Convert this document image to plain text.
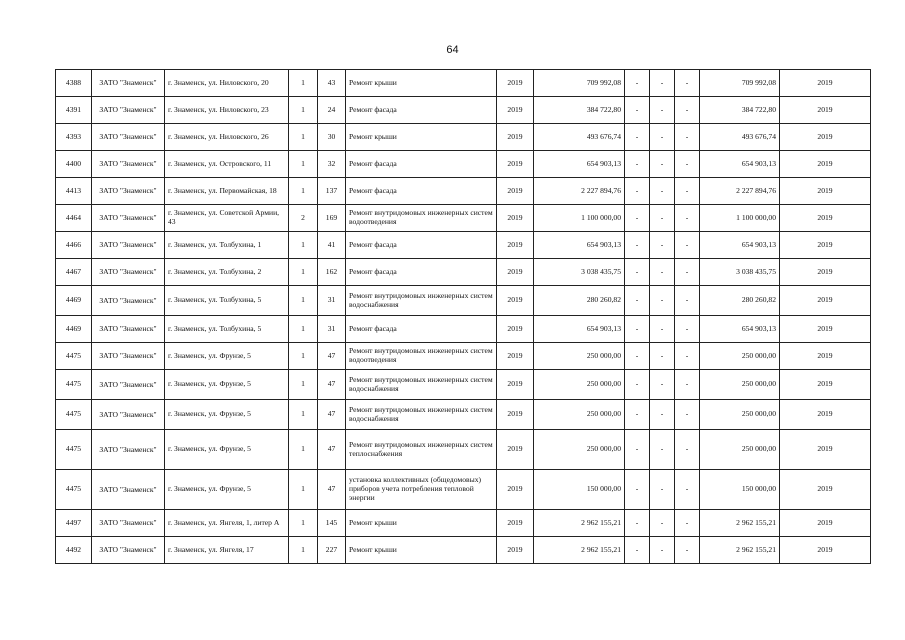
64
4388	ЗАТО "Знаменск"	г. Знаменск, ул. Ниловского, 20	1	43	Ремонт крыши	2019	709 992,08	-	-	-	709 992,08	2019
4391	ЗАТО "Знаменск"	г. Знаменск, ул. Ниловского, 23	1	24	Ремонт фасада	2019	384 722,80	-	-	-	384 722,80	2019
4393	ЗАТО "Знаменск"	г. Знаменск, ул. Ниловского, 26	1	30	Ремонт крыши	2019	493 676,74	-	-	-	493 676,74	2019
4400	ЗАТО "Знаменск"	г. Знаменск, ул. Островского, 11	1	32	Ремонт фасада	2019	654 903,13	-	-	-	654 903,13	2019
4413	ЗАТО "Знаменск"	г. Знаменск, ул. Первомайская, 18	1	137	Ремонт фасада	2019	2 227 894,76	-	-	-	2 227 894,76	2019
4464	ЗАТО "Знаменск"	г. Знаменск, ул. Советской Армии, 43	2	169	Ремонт внутридомовых инженерных систем водоотведения	2019	1 100 000,00	-	-	-	1 100 000,00	2019
4466	ЗАТО "Знаменск"	г. Знаменск, ул. Толбухина, 1	1	41	Ремонт фасада	2019	654 903,13	-	-	-	654 903,13	2019
4467	ЗАТО "Знаменск"	г. Знаменск, ул. Толбухина, 2	1	162	Ремонт фасада	2019	3 038 435,75	-	-	-	3 038 435,75	2019
4469	ЗАТО "Знаменск"	г. Знаменск, ул. Толбухина, 5	1	31	Ремонт внутридомовых инженерных систем водоснабжения	2019	280 260,82	-	-	-	280 260,82	2019
4469	ЗАТО "Знаменск"	г. Знаменск, ул. Толбухина, 5	1	31	Ремонт фасада	2019	654 903,13	-	-	-	654 903,13	2019
4475	ЗАТО "Знаменск"	г. Знаменск, ул. Фрунзе, 5	1	47	Ремонт внутридомовых инженерных систем водоотведения	2019	250 000,00	-	-	-	250 000,00	2019
4475	ЗАТО "Знаменск"	г. Знаменск, ул. Фрунзе, 5	1	47	Ремонт внутридомовых инженерных систем водоснабжения	2019	250 000,00	-	-	-	250 000,00	2019
4475	ЗАТО "Знаменск"	г. Знаменск, ул. Фрунзе, 5	1	47	Ремонт внутридомовых инженерных систем водоснабжения	2019	250 000,00	-	-	-	250 000,00	2019
4475	ЗАТО "Знаменск"	г. Знаменск, ул. Фрунзе, 5	1	47	Ремонт внутридомовых инженерных систем теплоснабжения	2019	250 000,00	-	-	-	250 000,00	2019
4475	ЗАТО "Знаменск"	г. Знаменск, ул. Фрунзе, 5	1	47	установка коллективных (общедомовых) приборов учета потребления тепловой энергии	2019	150 000,00	-	-	-	150 000,00	2019
4497	ЗАТО "Знаменск"	г. Знаменск, ул. Янгеля, 1, литер А	1	145	Ремонт крыши	2019	2 962 155,21	-	-	-	2 962 155,21	2019
4492	ЗАТО "Знаменск"	г. Знаменск, ул. Янгеля, 17	1	227	Ремонт крыши	2019	2 962 155,21	-	-	-	2 962 155,21	2019
